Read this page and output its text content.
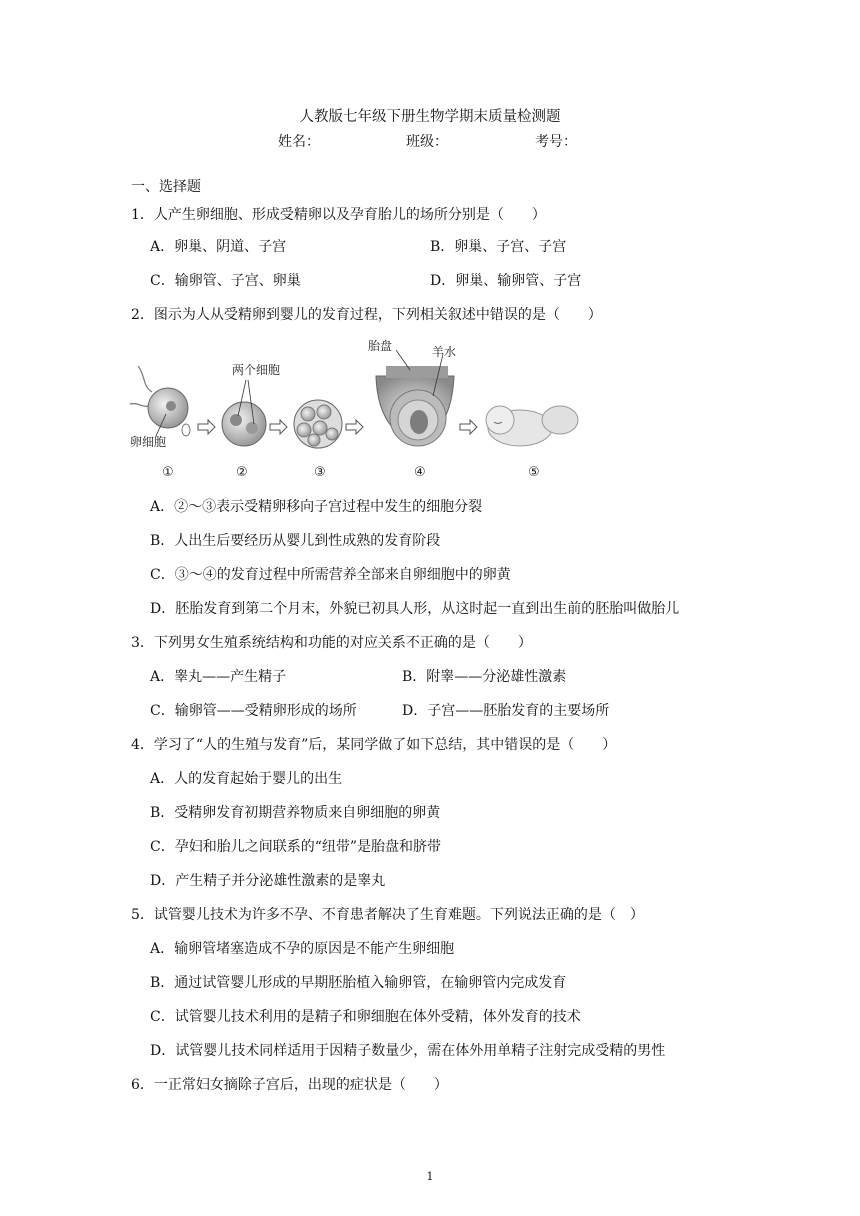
人教版七年级下册生物学期末质量检测题
姓名：	班级：	考号：
一、选择题
1．人产生卵细胞、形成受精卵以及孕育胎儿的场所分别是（　　）
A．卵巢、阴道、子宫	B．卵巢、子宫、子宫
C．输卵管、子宫、卵巢	D．卵巢、输卵管、子宫
2．图示为人从受精卵到婴儿的发育过程，下列相关叙述中错误的是（　　）
卵细胞
两个细胞
胎盘	羊水
①	②	③	④	⑤
A．②～③表示受精卵移向子宫过程中发生的细胞分裂
B．人出生后要经历从婴儿到性成熟的发育阶段
C．③～④的发育过程中所需营养全部来自卵细胞中的卵黄
D．胚胎发育到第二个月末，外貌已初具人形，从这时起一直到出生前的胚胎叫做胎儿
3．下列男女生殖系统结构和功能的对应关系不正确的是（　　）
A．睾丸——产生精子	B．附睾——分泌雄性激素
C．输卵管——受精卵形成的场所	D．子宫——胚胎发育的主要场所
4．学习了“人的生殖与发育”后，某同学做了如下总结，其中错误的是（　　）
A．人的发育起始于婴儿的出生
B．受精卵发育初期营养物质来自卵细胞的卵黄
C．孕妇和胎儿之间联系的“纽带”是胎盘和脐带
D．产生精子并分泌雄性激素的是睾丸
5．试管婴儿技术为许多不孕、不育患者解决了生育难题。下列说法正确的是（　）
A．输卵管堵塞造成不孕的原因是不能产生卵细胞
B．通过试管婴儿形成的早期胚胎植入输卵管，在输卵管内完成发育
C．试管婴儿技术利用的是精子和卵细胞在体外受精，体外发育的技术
D．试管婴儿技术同样适用于因精子数量少，需在体外用单精子注射完成受精的男性
6．一正常妇女摘除子宫后，出现的症状是（　　）
1
